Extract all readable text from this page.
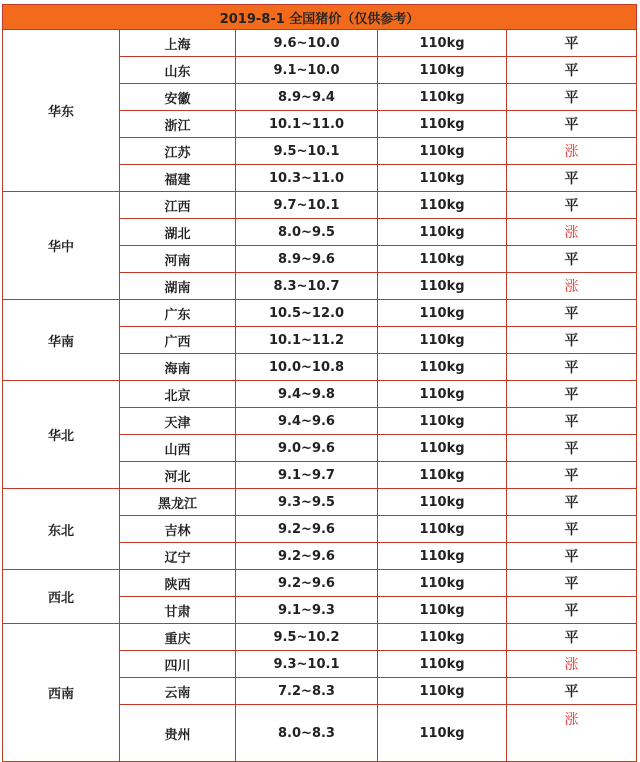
2019-8-1 全国猪价（仅供参考）				
华东	上海	9.6~10.0	110kg	平
	山东	9.1~10.0	110kg	平
	安徽	8.9~9.4	110kg	平
	浙江	10.1~11.0	110kg	平
	江苏	9.5~10.1	110kg	涨
	福建	10.3~11.0	110kg	平
华中	江西	9.7~10.1	110kg	平
	湖北	8.0~9.5	110kg	涨
	河南	8.9~9.6	110kg	平
	湖南	8.3~10.7	110kg	涨
华南	广东	10.5~12.0	110kg	平
	广西	10.1~11.2	110kg	平
	海南	10.0~10.8	110kg	平
华北	北京	9.4~9.8	110kg	平
	天津	9.4~9.6	110kg	平
	山西	9.0~9.6	110kg	平
	河北	9.1~9.7	110kg	平
东北	黑龙江	9.3~9.5	110kg	平
	吉林	9.2~9.6	110kg	平
	辽宁	9.2~9.6	110kg	平
西北	陕西	9.2~9.6	110kg	平
	甘肃	9.1~9.3	110kg	平
西南	重庆	9.5~10.2	110kg	平
	四川	9.3~10.1	110kg	涨
	云南	7.2~8.3	110kg	平
	贵州	8.0~8.3	110kg	涨
